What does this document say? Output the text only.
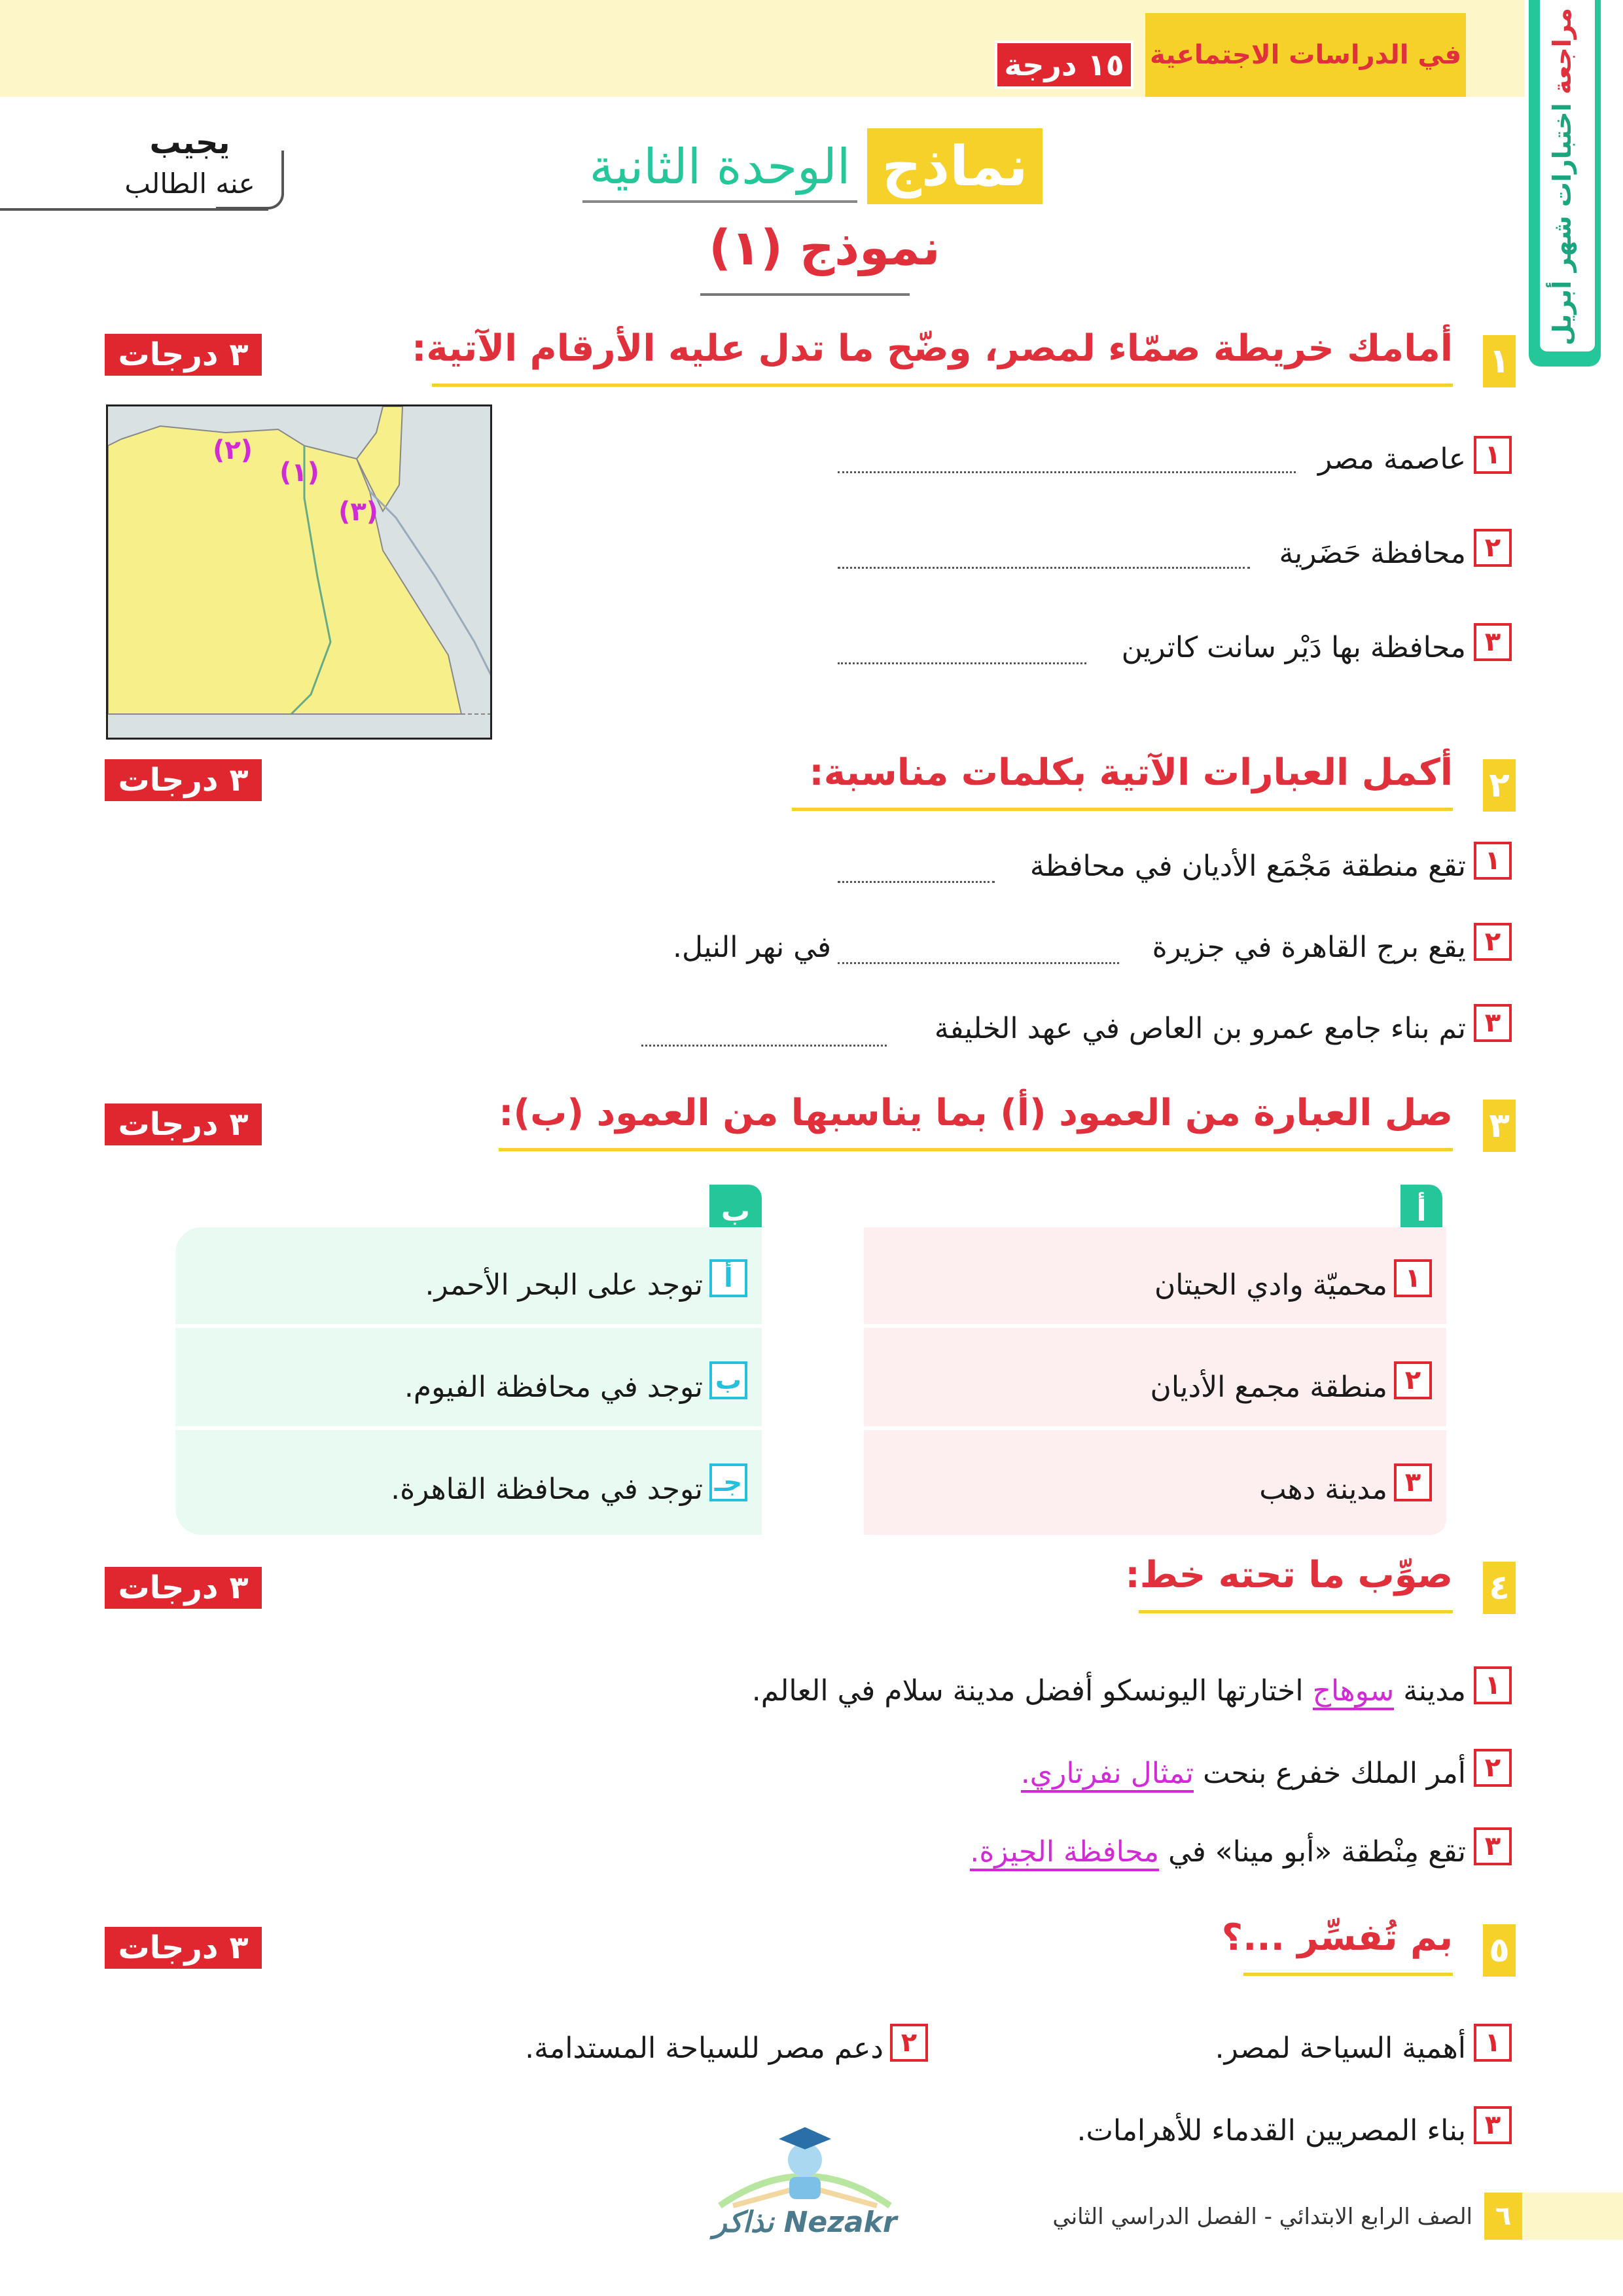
في الدراسات الاجتماعية
١٥ درجة	مراجعة اختبارات شهر أبريل
يجيب
عنه الطالب	نماذج
الوحدة الثانية
نموذج (١)
١
أمامك خريطة صمّاء لمصر، وضّح ما تدل عليه الأرقام الآتية:
٣ درجات
(٢)
(١)
(٣)
١
عاصمة مصر
٢
محافظة حَضَرية
٣
محافظة بها دَيْر سانت كاترين
٢
أكمل العبارات الآتية بكلمات مناسبة:
٣ درجات
١
تقع منطقة مَجْمَع الأديان في محافظة
٢
يقع برج القاهرة في جزيرة
في نهر النيل.
٣
تم بناء جامع عمرو بن العاص في عهد الخليفة
٣
صل العبارة من العمود (أ) بما يناسبها من العمود (ب):
٣ درجات
أ
ب
١
محميّة وادي الحيتان
٢
منطقة مجمع الأديان
٣
مدينة دهب
أ
توجد على البحر الأحمر.
ب
توجد في محافظة الفيوم.
جـ
توجد في محافظة القاهرة.
٤
صوِّب ما تحته خط:
٣ درجات
١
مدينة سوهاج اختارتها اليونسكو أفضل مدينة سلام في العالم.
٢
أمر الملك خفرع بنحت تمثال نفرتاري.
٣
تقع مِنْطقة «أبو مينا» في محافظة الجيزة.
٥
بم تُفسِّر ...؟
٣ درجات
١
أهمية السياحة لمصر.
٢
دعم مصر للسياحة المستدامة.
٣
بناء المصريين القدماء للأهرامات.
Nezakr نذاكر	٦
الصف الرابع الابتدائي - الفصل الدراسي الثاني
